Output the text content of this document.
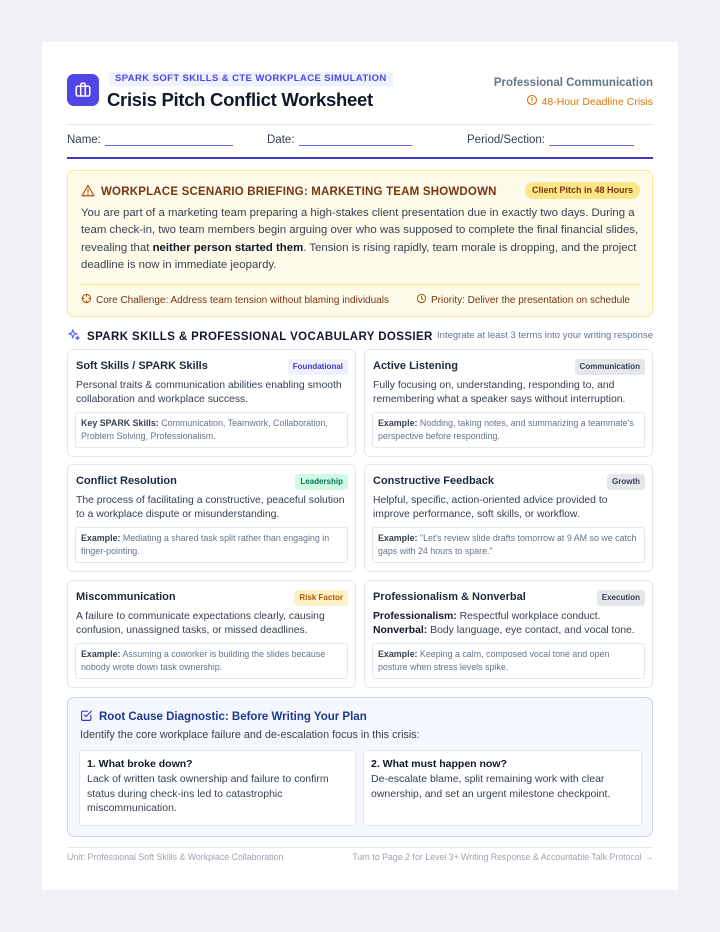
SPARK SOFT SKILLS & CTE WORKPLACE SIMULATION
Crisis Pitch Conflict Worksheet
Professional Communication
48-Hour Deadline Crisis
Name:	Date:	Period/Section:
WORKPLACE SCENARIO BRIEFING: MARKETING TEAM SHOWDOWN	Client Pitch in 48 Hours
You are part of a marketing team preparing a high-stakes client presentation due in exactly two days. During a team check-in, two team members begin arguing over who was supposed to complete the final financial slides, revealing that neither person started them. Tension is rising rapidly, team morale is dropping, and the project deadline is now in immediate jeopardy.
Core Challenge: Address team tension without blaming individuals	Priority: Deliver the presentation on schedule
SPARK SKILLS & PROFESSIONAL VOCABULARY DOSSIER Integrate at least 3 terms into your writing response
Soft Skills / SPARK Skills	Foundational
Personal traits & communication abilities enabling smooth collaboration and workplace success.
Key SPARK Skills: Communication, Teamwork, Collaboration, Problem Solving, Professionalism.
Active Listening	Communication
Fully focusing on, understanding, responding to, and remembering what a speaker says without interruption.
Example: Nodding, taking notes, and summarizing a teammate's perspective before responding.
Conflict Resolution	Leadership
The process of facilitating a constructive, peaceful solution to a workplace dispute or misunderstanding.
Example: Mediating a shared task split rather than engaging in finger-pointing.
Constructive Feedback	Growth
Helpful, specific, action-oriented advice provided to improve performance, soft skills, or workflow.
Example: "Let's review slide drafts tomorrow at 9 AM so we catch gaps with 24 hours to spare."
Miscommunication	Risk Factor
A failure to communicate expectations clearly, causing confusion, unassigned tasks, or missed deadlines.
Example: Assuming a coworker is building the slides because nobody wrote down task ownership.
Professionalism & Nonverbal	Execution
Professionalism: Respectful workplace conduct.
Nonverbal: Body language, eye contact, and vocal tone.
Example: Keeping a calm, composed vocal tone and open posture when stress levels spike.
Root Cause Diagnostic: Before Writing Your Plan
Identify the core workplace failure and de-escalation focus in this crisis:
1. What broke down?
Lack of written task ownership and failure to confirm status during check-ins led to catastrophic miscommunication.
2. What must happen now?
De-escalate blame, split remaining work with clear ownership, and set an urgent milestone checkpoint.
Unit: Professional Soft Skills & Workplace Collaboration	Turn to Page 2 for Level 3+ Writing Response & Accountable Talk Protocol →
